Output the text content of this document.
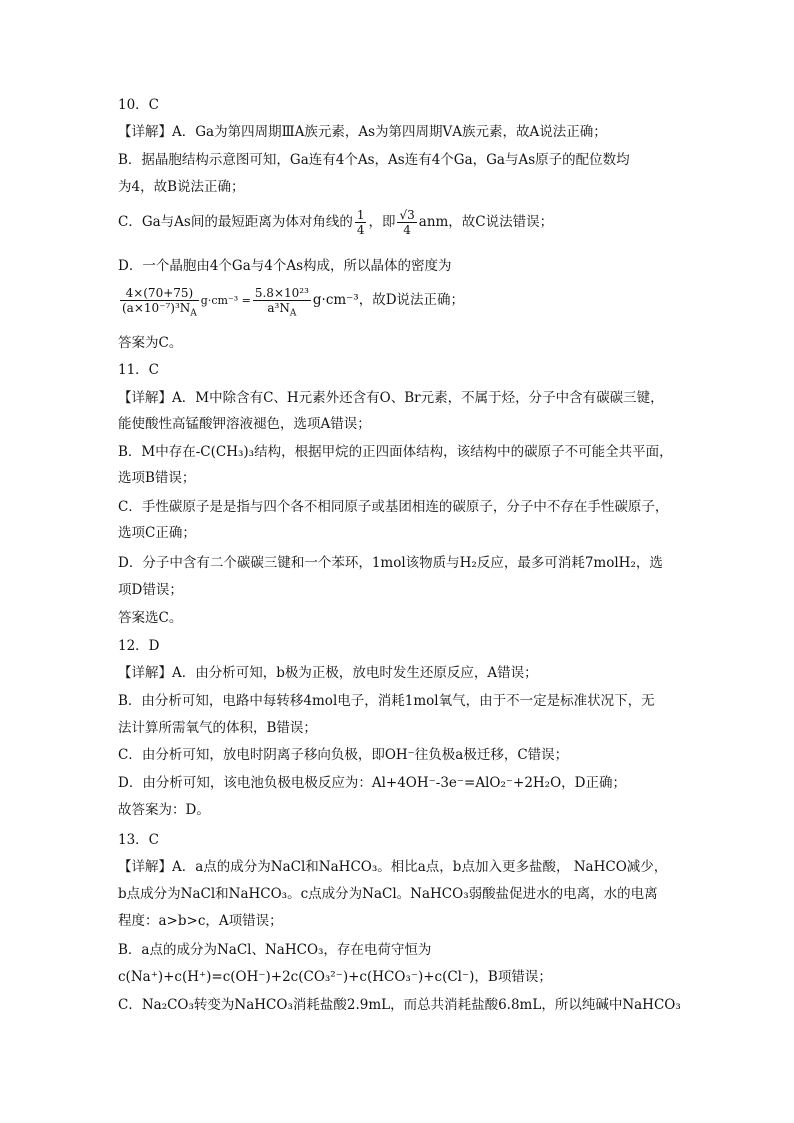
10．C
【详解】A．Ga为第四周期ⅢA族元素，As为第四周期ⅤA族元素，故A说法正确；
B．据晶胞结构示意图可知，Ga连有4个As，As连有4个Ga，Ga与As原子的配位数均
为4，故B说法正确；
C．Ga与As间的最短距离为体对角线的 $\frac{1}{4}$ ，即 $\frac{√3}{4}$ anm，故C说法错误；
D．一个晶胞由4个Ga与4个As构成，所以晶体的密度为
$\frac{4\times(70+75)}{(a\times 10^{-7})^3N_A} g\cdot cm^{-3} = \frac{\text{5.8×10²³}}{a^3N_A} g\cdot cm^{-3}$，故D说法正确；
答案为C。
11．C
【详解】A．M中除含有C、H元素外还含有O、Br元素，不属于烃，分子中含有碳碳三键，
能使酸性高锰酸钾溶液褪色，选项A错误；
B．M中存在-C(CH₃)₃结构，根据甲烷的正四面体结构，该结构中的碳原子不可能全共平面，
选项B错误；
C．手性碳原子是是指与四个各不相同原子或基团相连的碳原子，分子中不存在手性碳原子，
选项C正确；
D．分子中含有二个碳碳三键和一个苯环，1mol该物质与H₂反应，最多可消耗7molH₂，选
项D错误；
答案选C。
12．D
【详解】A．由分析可知，b极为正极，放电时发生还原反应，A错误；
B．由分析可知，电路中每转移4mol电子，消耗1mol氧气，由于不一定是标准状况下，无
法计算所需氧气的体积，B错误；
C．由分析可知，放电时阴离子移向负极，即OH⁻往负极a极迁移，C错误；
D．由分析可知，该电池负极电极反应为：Al+4OH⁻-3e⁻=AlO₂⁻+2H₂O，D正确；
故答案为：D。
13．C
【详解】A．a点的成分为NaCl和NaHCO₃。相比a点，b点加入更多盐酸， NaHCO减少，
b点成分为NaCl和NaHCO₃。c点成分为NaCl。NaHCO₃弱酸盐促进水的电离，水的电离
程度：a>b>c，A项错误；
B．a点的成分为NaCl、NaHCO₃，存在电荷守恒为
c(Na⁺)+c(H⁺)=c(OH⁻)+2c(CO₃²⁻)+c(HCO₃⁻)+c(Cl⁻)，B项错误；
C．Na₂CO₃转变为NaHCO₃消耗盐酸2.9mL，而总共消耗盐酸6.8mL，所以纯碱中NaHCO₃
